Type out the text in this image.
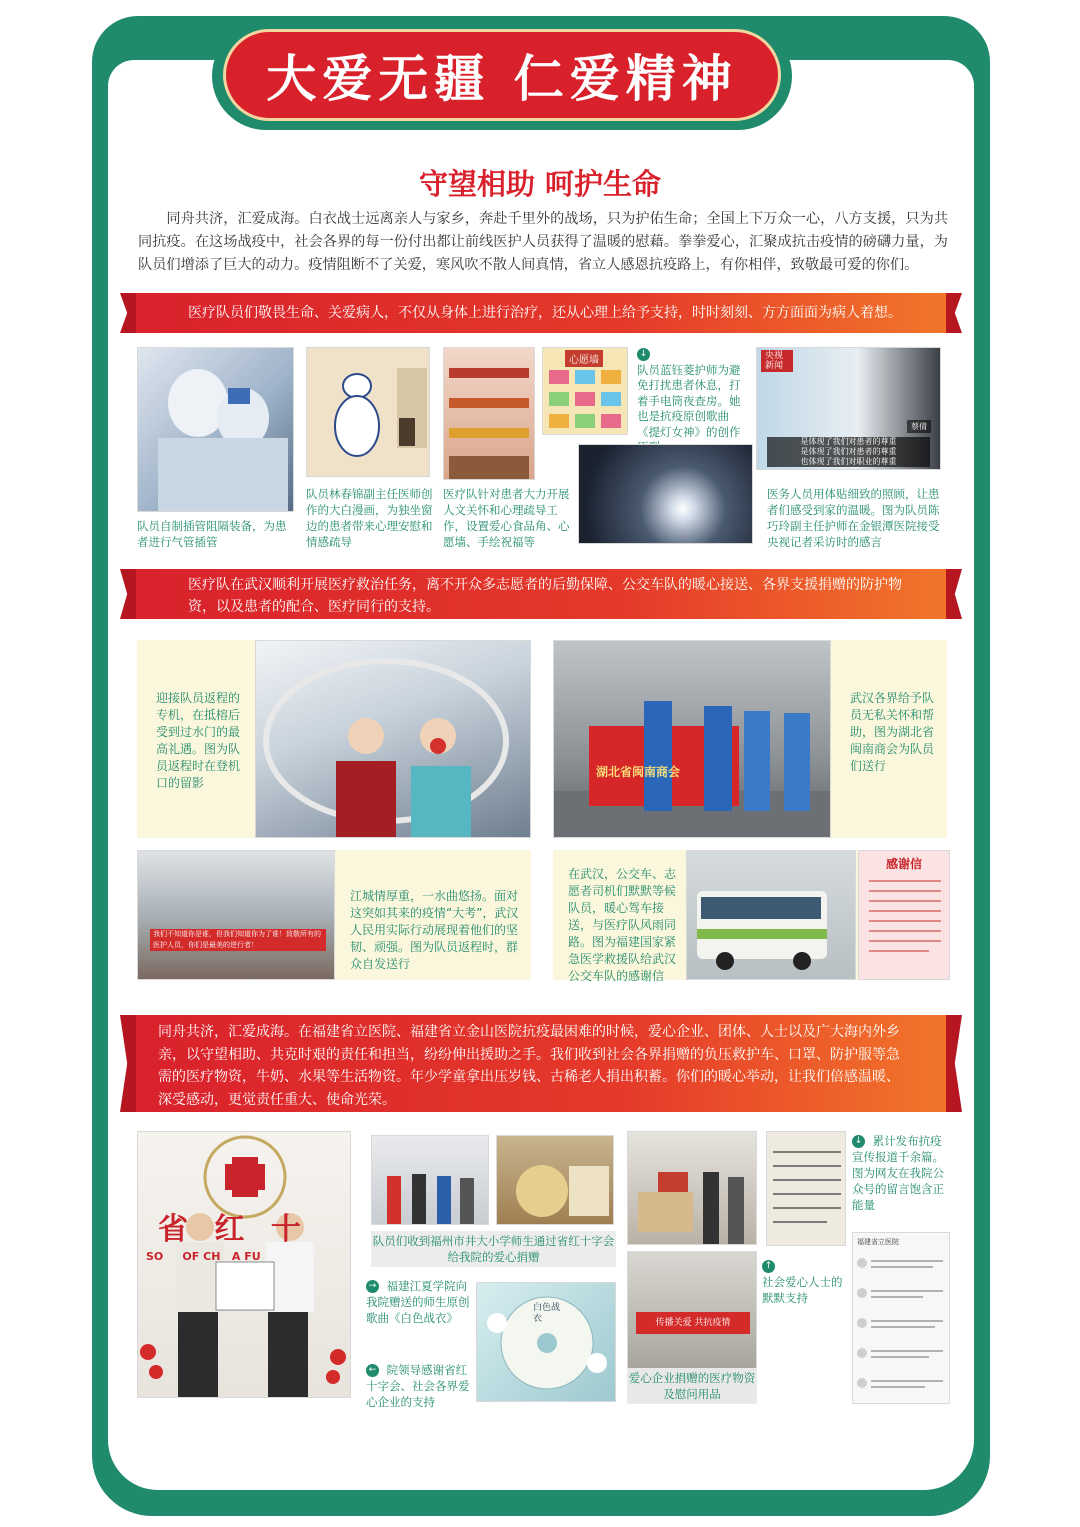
大爱无疆 仁爱精神
守望相助 呵护生命
同舟共济，汇爱成海。白衣战士远离亲人与家乡，奔赴千里外的战场，只为护佑生命；全国上下万众一心，八方支援，只为共同抗疫。在这场战疫中，社会各界的每一份付出都让前线医护人员获得了温暖的慰藉。拳拳爱心，汇聚成抗击疫情的磅礴力量，为队员们增添了巨大的动力。疫情阻断不了关爱，寒风吹不散人间真情，省立人感恩抗疫路上，有你相伴，致敬最可爱的你们。
医疗队员们敬畏生命、关爱病人，不仅从身体上进行治疗，还从心理上给予支持，时时刻刻、方方面面为病人着想。
队员自制插管阻隔装备，为患者进行气管插管
队员林春锦副主任医师创作的大白漫画，为独坐窗边的患者带来心理安慰和情感疏导
心愿墙
医疗队针对患者大力开展人文关怀和心理疏导工作，设置爱心食品角、心愿墙、手绘祝福等
↓
队员蓝钰菱护师为避免打扰患者休息，打着手电筒夜查房。她也是抗疫原创歌曲《提灯女神》的创作
央视新闻
蔡倩
是体现了我们对患者的尊重
是体现了我们对患者的尊重
也体现了我们对职业的尊重
医务人员用体贴细致的照顾，让患者们感受到家的温暖。图为队员陈巧玲副主任护师在金银潭医院接受央视记者采访时的感言
医疗队在武汉顺利开展医疗救治任务，离不开众多志愿者的后勤保障、公交车队的暖心接送、各界支援捐赠的防护物资，以及患者的配合、医疗同行的支持。
迎接队员返程的专机，在抵榕后受到过水门的最高礼遇。图为队员返程时在登机口的留影
湖北省闽南商会
武汉各界给予队员无私关怀和帮助，图为湖北省闽南商会为队员们送行
我们不知道你是谁，但我们知道你为了谁！致敬所有的医护人员，你们是最美的逆行者！
江城情厚重，一水曲悠扬。面对这突如其来的疫情“大考”，武汉人民用实际行动展现着他们的坚韧、顽强。图为队员返程时，群众自发送行
在武汉，公交车、志愿者司机们默默等候队员，暖心驾车接送，与医疗队风雨同路。图为福建国家紧急医学救援队给武汉公交车队的感谢信
感谢信
同舟共济，汇爱成海。在福建省立医院、福建省立金山医院抗疫最困难的时候，爱心企业、团体、人士以及广大海内外乡亲，以守望相助、共克时艰的责任和担当，纷纷伸出援助之手。我们收到社会各界捐赠的负压救护车、口罩、防护服等急需的医疗物资，牛奶、水果等生活物资。年少学童拿出压岁钱、古稀老人捐出积蓄。你们的暖心举动，让我们倍感温暖、深受感动，更觉责任重大、使命光荣。
省 红 十
SO     OF CH   A FU
队员们收到福州市井大小学师生通过省红十字会给我院的爱心捐赠
→ 福建江夏学院向我院赠送的师生原创歌曲《白色战衣》
← 院领导感谢省红十字会、社会各界爱心企业的支持
白色战衣	传播关爱 共抗疫情
爱心企业捐赠的医疗物资及慰问用品
↓ 累计发布抗疫宣传报道千余篇。图为网友在我院公众号的留言饱含正能量
↑
社会爱心人士的默默支持
福建省立医院
